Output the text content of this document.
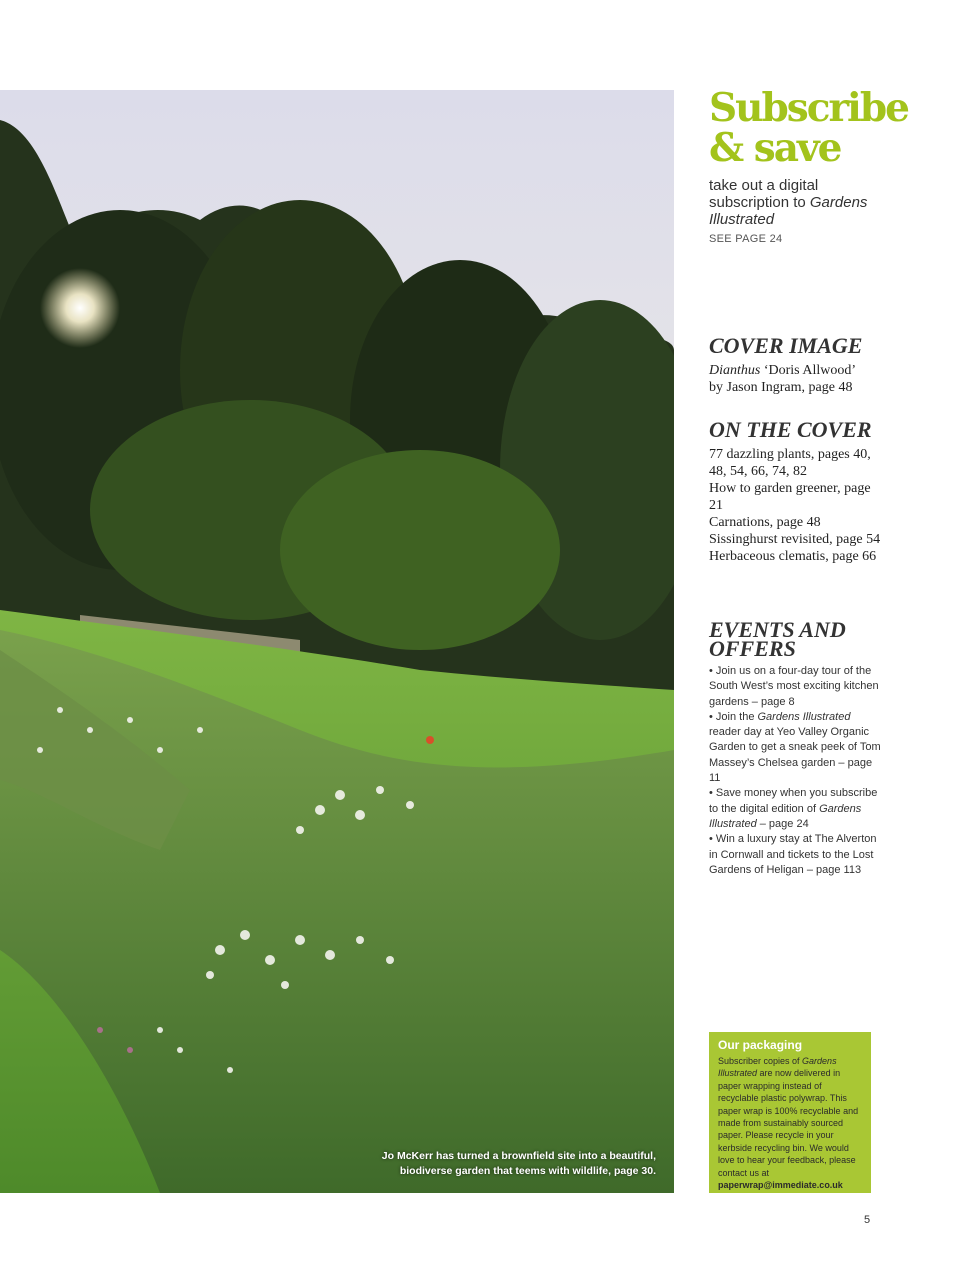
Jo McKerr has turned a brownfield site into a beautiful, biodiverse garden that teems with wildlife, page 30.
Subscribe
& save
take out a digital subscription to Gardens Illustrated
SEE PAGE 24
COVER IMAGE
Dianthus ‘Doris Allwood’
by Jason Ingram, page 48
ON THE COVER
77 dazzling plants, pages 40, 48, 54, 66, 74, 82
How to garden greener, page 21
Carnations, page 48
Sissinghurst revisited, page 54
Herbaceous clematis, page 66
EVENTS AND
OFFERS
• Join us on a four-day tour of the South West’s most exciting kitchen gardens – page 8
• Join the Gardens Illustrated reader day at Yeo Valley Organic Garden to get a sneak peek of Tom Massey’s Chelsea garden – page 11
• Save money when you subscribe to the digital edition of Gardens Illustrated – page 24
• Win a luxury stay at The Alverton in Cornwall and tickets to the Lost Gardens of Heligan – page 113
Our packaging
Subscriber copies of Gardens Illustrated are now delivered in paper wrapping instead of recyclable plastic polywrap. This paper wrap is 100% recyclable and made from sustainably sourced paper. Please recycle in your kerbside recycling bin. We would love to hear your feedback, please contact us at
paperwrap@immediate.co.uk
5
